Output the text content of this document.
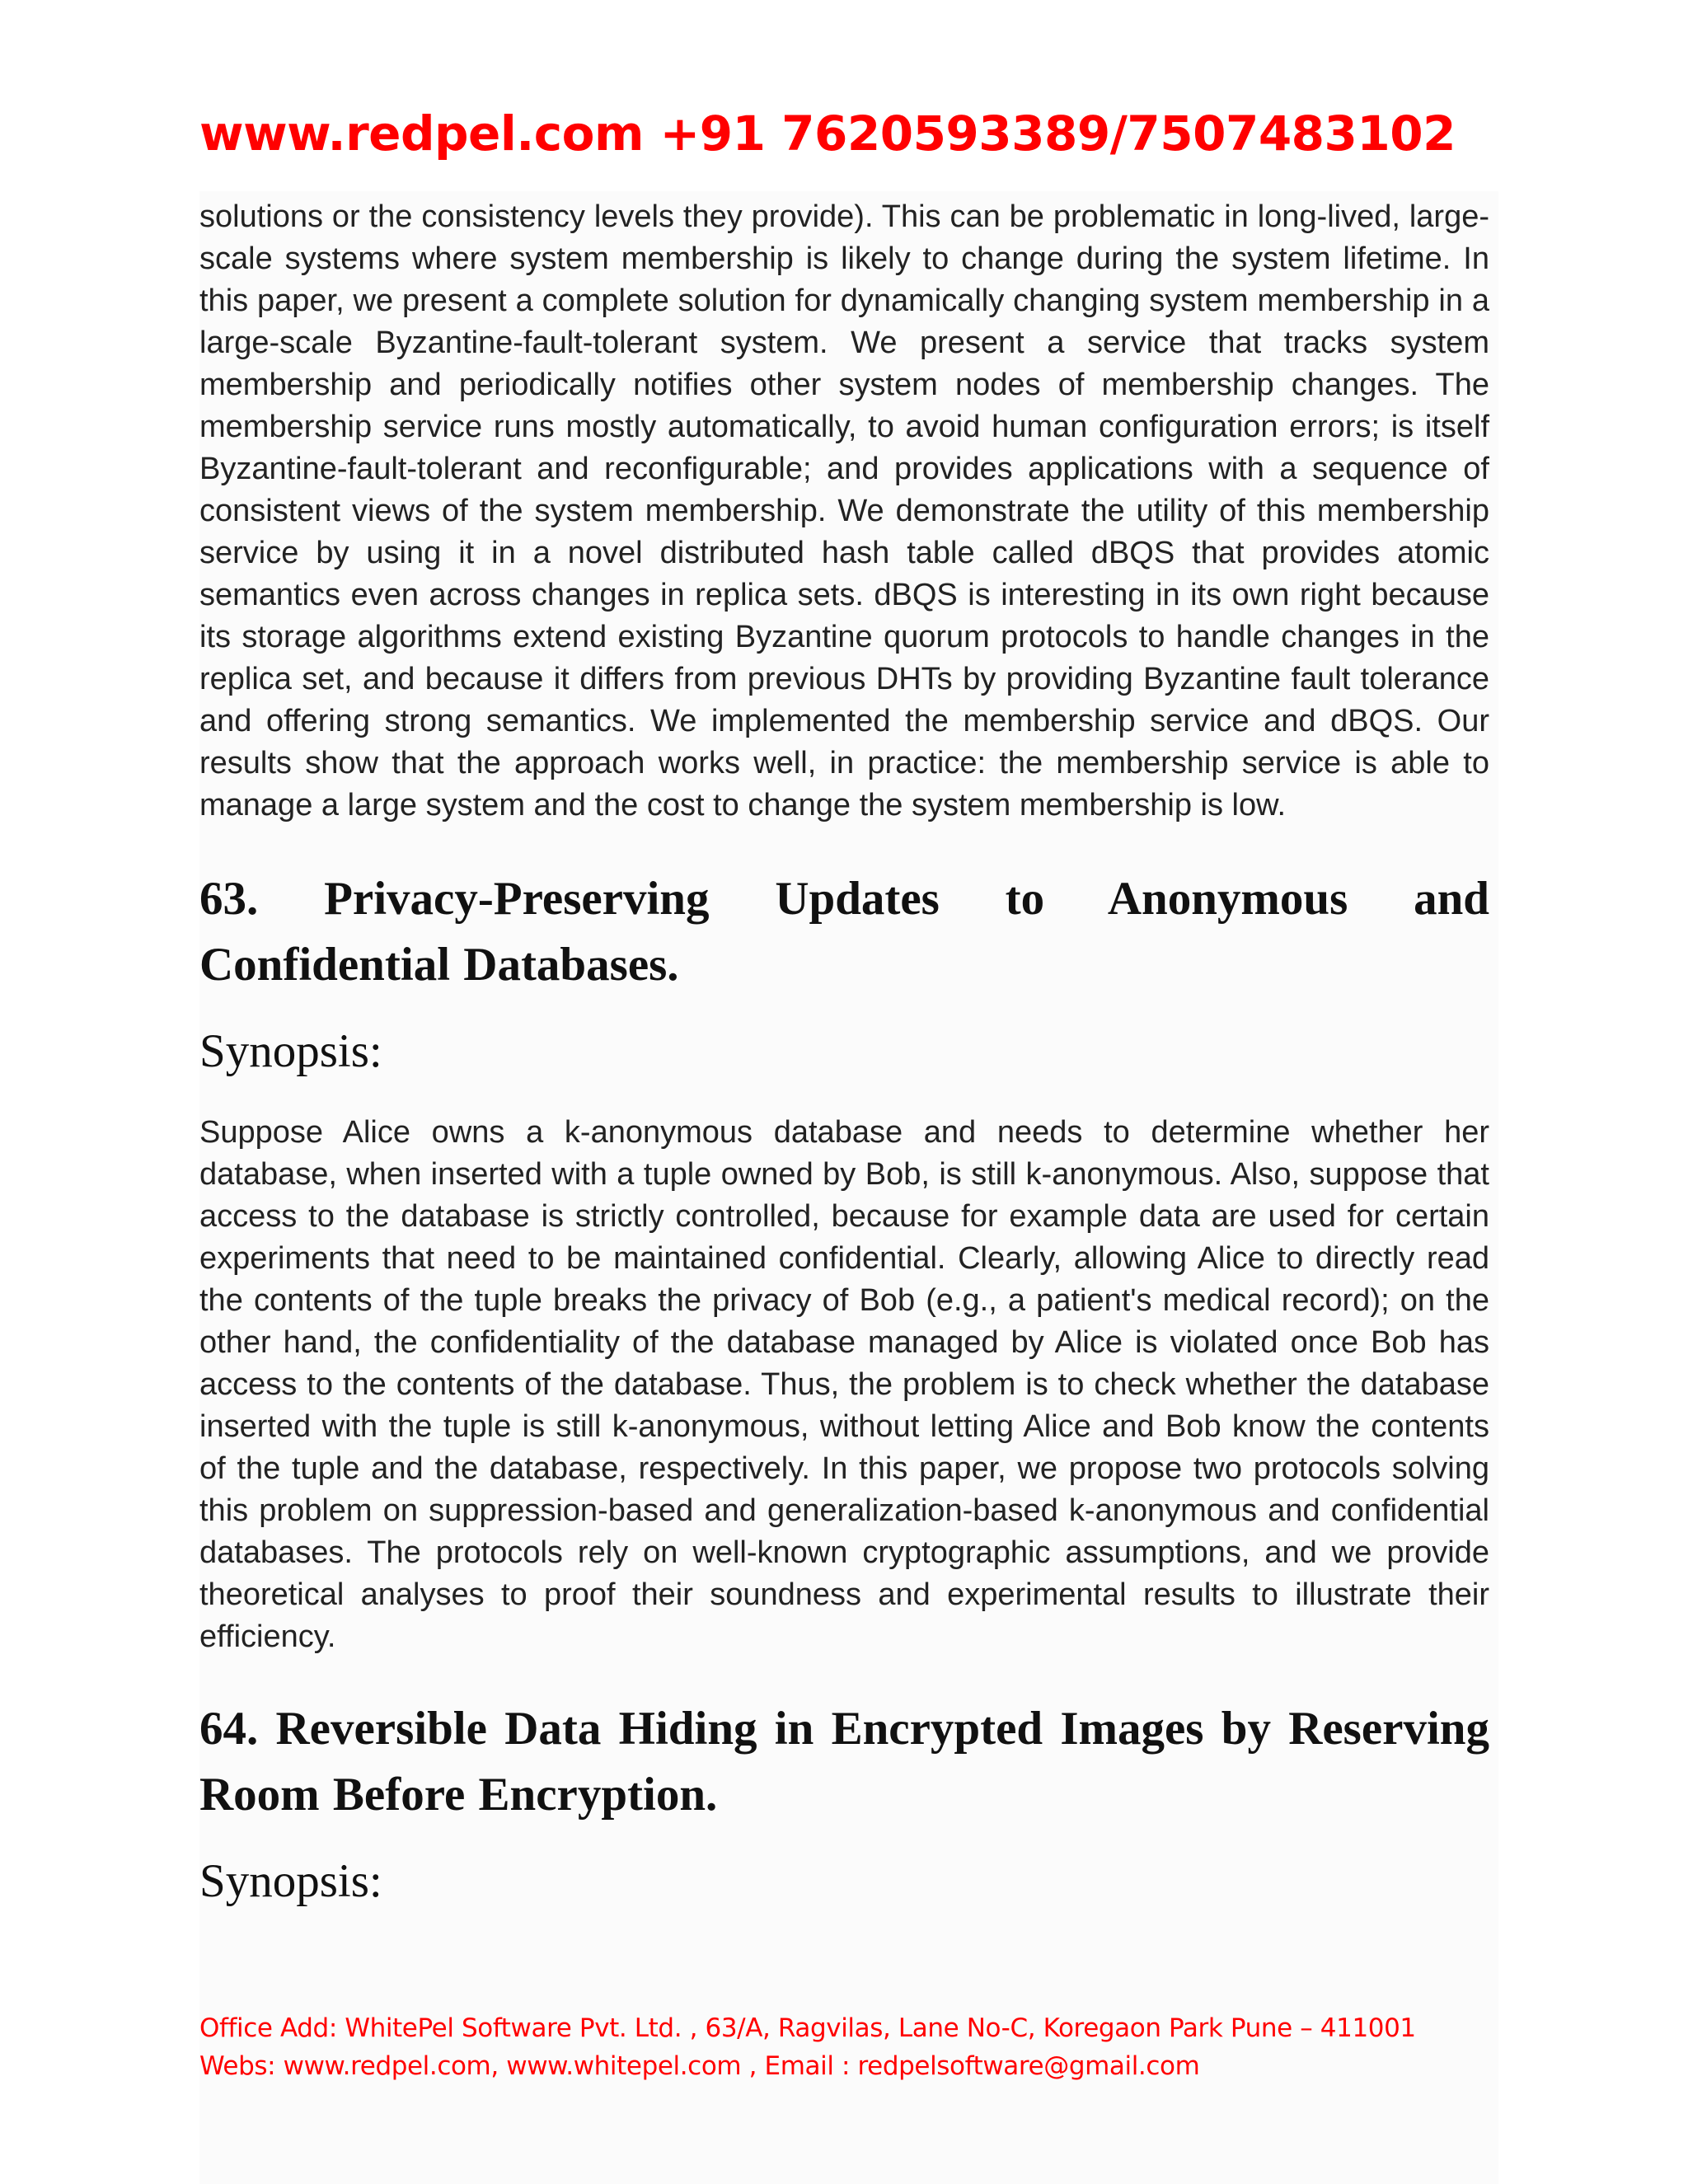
www.redpel.com +91 7620593389/7507483102

solutions or the consistency levels they provide). This can be problematic in long-lived, large-scale systems where system membership is likely to change during the system lifetime. In this paper, we present a complete solution for dynamically changing system membership in a large-scale Byzantine-fault-tolerant system. We present a service that tracks system membership and periodically notifies other system nodes of membership changes. The membership service runs mostly automatically, to avoid human configuration errors; is itself Byzantine-fault-tolerant and reconfigurable; and provides applications with a sequence of consistent views of the system membership. We demonstrate the utility of this membership service by using it in a novel distributed hash table called dBQS that provides atomic semantics even across changes in replica sets. dBQS is interesting in its own right because its storage algorithms extend existing Byzantine quorum protocols to handle changes in the replica set, and because it differs from previous DHTs by providing Byzantine fault tolerance and offering strong semantics. We implemented the membership service and dBQS. Our results show that the approach works well, in practice: the membership service is able to manage a large system and the cost to change the system membership is low.

63. Privacy-Preserving Updates to Anonymous and Confidential Databases.
Synopsis:

Suppose Alice owns a k-anonymous database and needs to determine whether her database, when inserted with a tuple owned by Bob, is still k-anonymous. Also, suppose that access to the database is strictly controlled, because for example data are used for certain experiments that need to be maintained confidential. Clearly, allowing Alice to directly read the contents of the tuple breaks the privacy of Bob (e.g., a patient's medical record); on the other hand, the confidentiality of the database managed by Alice is violated once Bob has access to the contents of the database. Thus, the problem is to check whether the database inserted with the tuple is still k-anonymous, without letting Alice and Bob know the contents of the tuple and the database, respectively. In this paper, we propose two protocols solving this problem on suppression-based and generalization-based k-anonymous and confidential databases. The protocols rely on well-known cryptographic assumptions, and we provide theoretical analyses to proof their soundness and experimental results to illustrate their efficiency.

64. Reversible Data Hiding in Encrypted Images by Reserving Room Before Encryption.
Synopsis:
Office Add: WhitePel Software Pvt. Ltd. , 63/A, Ragvilas, Lane No-C, Koregaon Park Pune – 411001
Webs: www.redpel.com, www.whitepel.com , Email : redpelsoftware@gmail.com
